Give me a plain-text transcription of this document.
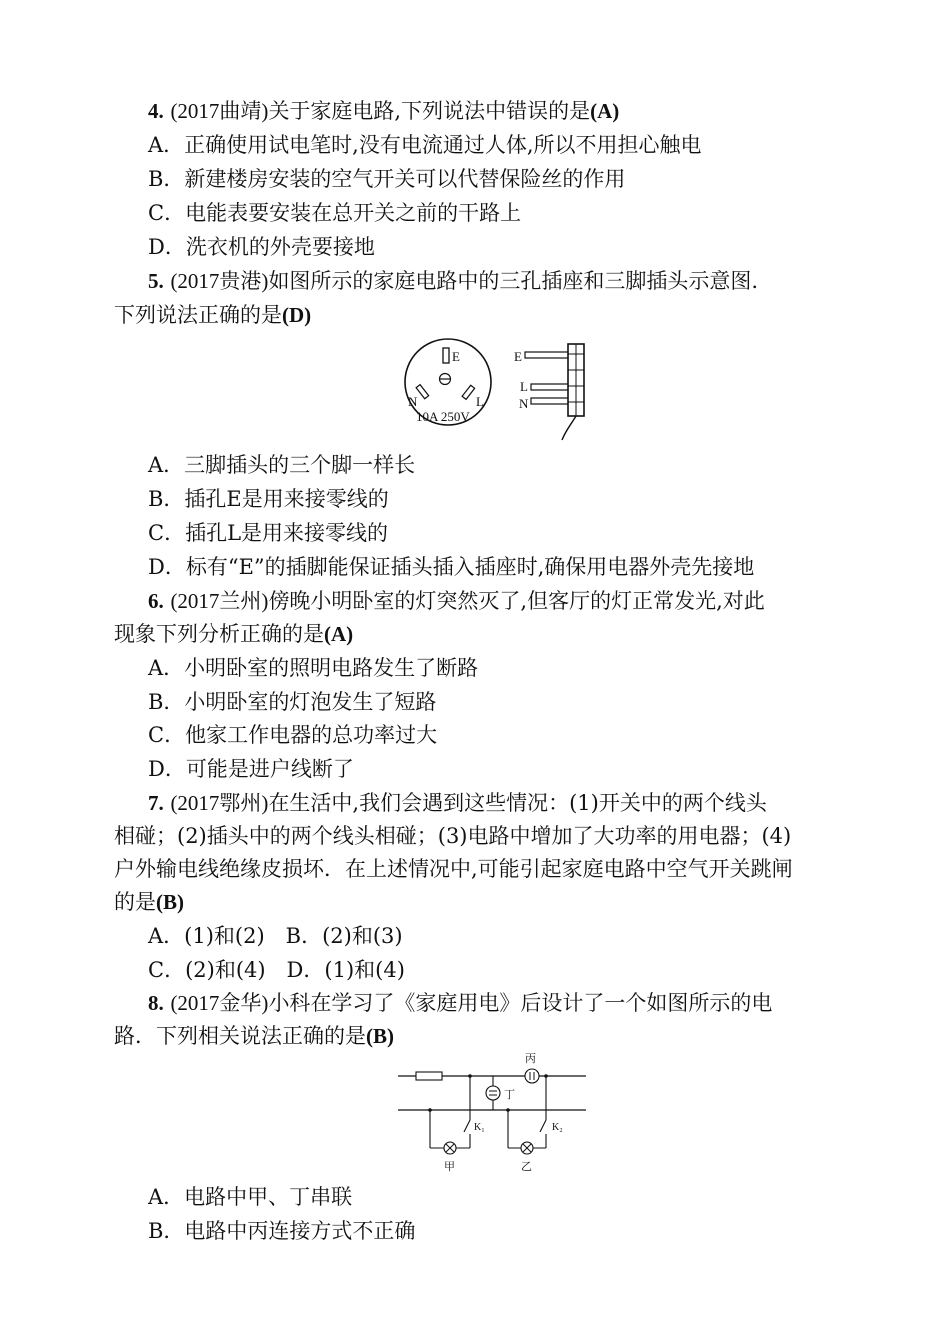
4. (2017曲靖)关于家庭电路,下列说法中错误的是(A)
A．正确使用试电笔时,没有电流通过人体,所以不用担心触电
B．新建楼房安装的空气开关可以代替保险丝的作用
C．电能表要安装在总开关之前的干路上
D．洗衣机的外壳要接地
5. (2017贵港)如图所示的家庭电路中的三孔插座和三脚插头示意图.
下列说法正确的是(D)
E
N	L
10A 250V
E
L
N
A．三脚插头的三个脚一样长
B．插孔E是用来接零线的
C．插孔L是用来接零线的
D．标有“E”的插脚能保证插头插入插座时,确保用电器外壳先接地
6. (2017兰州)傍晚小明卧室的灯突然灭了,但客厅的灯正常发光,对此
现象下列分析正确的是(A)
A．小明卧室的照明电路发生了断路
B．小明卧室的灯泡发生了短路
C．他家工作电器的总功率过大
D．可能是进户线断了
7. (2017鄂州)在生活中,我们会遇到这些情况：(1)开关中的两个线头
相碰；(2)插头中的两个线头相碰；(3)电路中增加了大功率的用电器；(4)
户外输电线绝缘皮损坏．在上述情况中,可能引起家庭电路中空气开关跳闸
的是(B)
A．(1)和(2)　B．(2)和(3)
C．(2)和(4)　D．(1)和(4)
8. (2017金华)小科在学习了《家庭用电》后设计了一个如图所示的电
路．下列相关说法正确的是(B)
丙
丁
K₁
甲
K₂
乙
A．电路中甲、丁串联
B．电路中丙连接方式不正确
